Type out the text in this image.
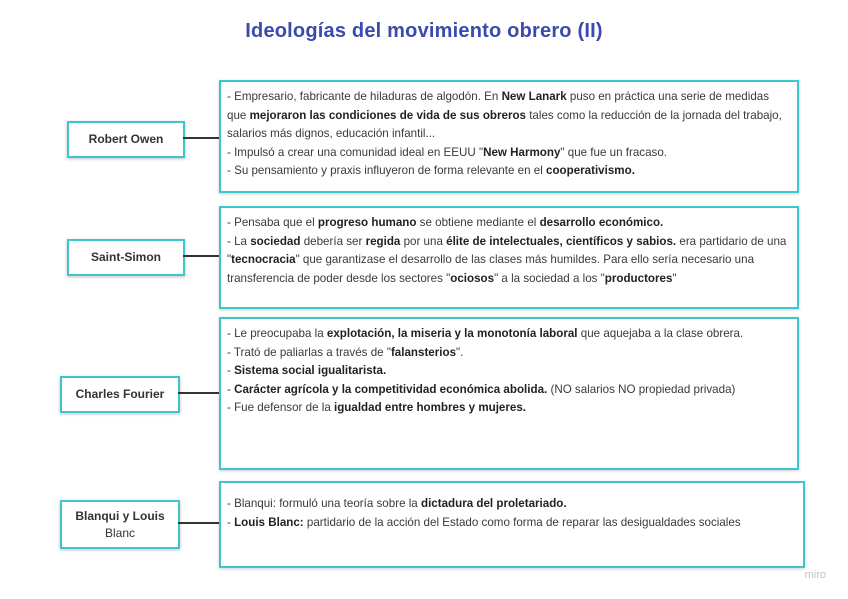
Ideologías del movimiento obrero (II)
Robert Owen

- Empresario, fabricante de hiladuras de algodón. En New Lanark puso en práctica una serie de medidas que mejoraron las condiciones de vida de sus obreros tales como la reducción de la jornada del trabajo, salarios más dignos, educación infantil...

- Impulsó a crear una comunidad ideal en EEUU "New Harmony" que fue un fracaso.

- Su pensamiento y praxis influyeron de forma relevante en el cooperativismo.

Saint-Simon

- Pensaba que el progreso humano se obtiene mediante el desarrollo económico.

- La sociedad debería ser regida por una élite de intelectuales, científicos y sabios. era partidario de una "tecnocracia" que garantizase el desarrollo de las clases más humildes. Para ello sería necesario una transferencia de poder desde los sectores "ociosos" a la sociedad a los "productores"

Charles Fourier

- Le preocupaba la explotación, la miseria y la monotonía laboral que aquejaba a la clase obrera.

- Trató de paliarlas a través de "falansterios".

- Sistema social igualitarista.

- Carácter agrícola y la competitividad económica abolida. (NO salarios NO propiedad privada)

- Fue defensor de la igualdad entre hombres y mujeres.

Blanqui y Louis
Blanc

- Blanqui: formuló una teoría sobre la dictadura del proletariado.

- Louis Blanc: partidario de la acción del Estado como forma de reparar las desigualdades sociales

miro
